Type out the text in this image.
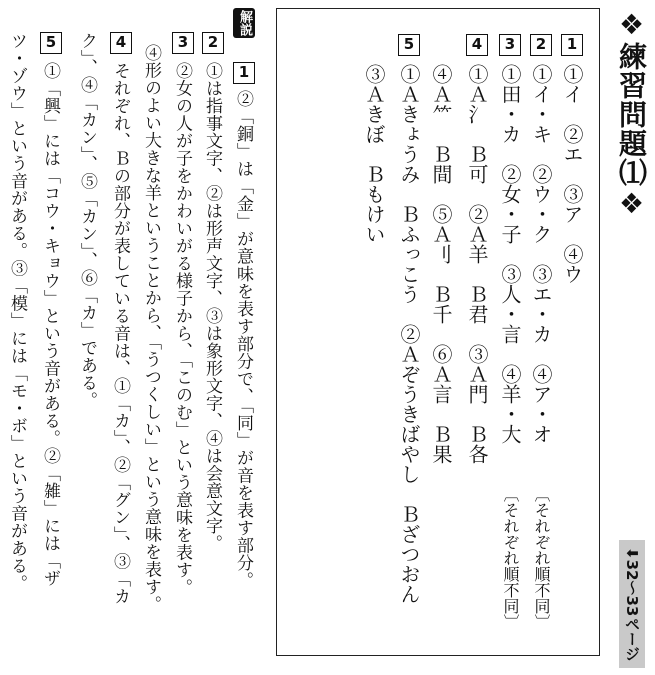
❖練習問題⑴❖
⬇32〜33ページ
1
2
3
4
5
①イ　②エ　③ア　④ウ
①イ・キ　②ウ・ク　③エ・カ　④ア・オ
〔それぞれ順不同〕
①田・カ　②女・子　③人・言　④羊・大
〔それぞれ順不同〕
①Ａ氵　Ｂ可　②Ａ羊　Ｂ君　③Ａ門　Ｂ各
④Ａ⺮　Ｂ間　⑤Ａ刂　Ｂ千　⑥Ａ言　Ｂ果
①Ａきょうみ　Ｂふっこう　②Ａぞうきばやし　Ｂざつおん
③Ａきぼ　Ｂもけい
解説
1
②「銅」は「金」が意味を表す部分で、「同」が音を表す部分。
2
①は指事文字、②は形声文字、③は象形文字、④は会意文字。
3
②女の人が子をかわいがる様子から、「このむ」という意味を表す。
④形のよい大きな羊ということから、「うつくしい」という意味を表す。
4
それぞれ、Ｂの部分が表している音は、①「カ」、②「グン」、③「カ
ク」、④「カン」、⑤「カン」、⑥「カ」である。
5
①「興」には「コウ・キョウ」という音がある。②「雑」には「ザ
ツ・ゾウ」という音がある。③「模」には「モ・ボ」という音がある。
